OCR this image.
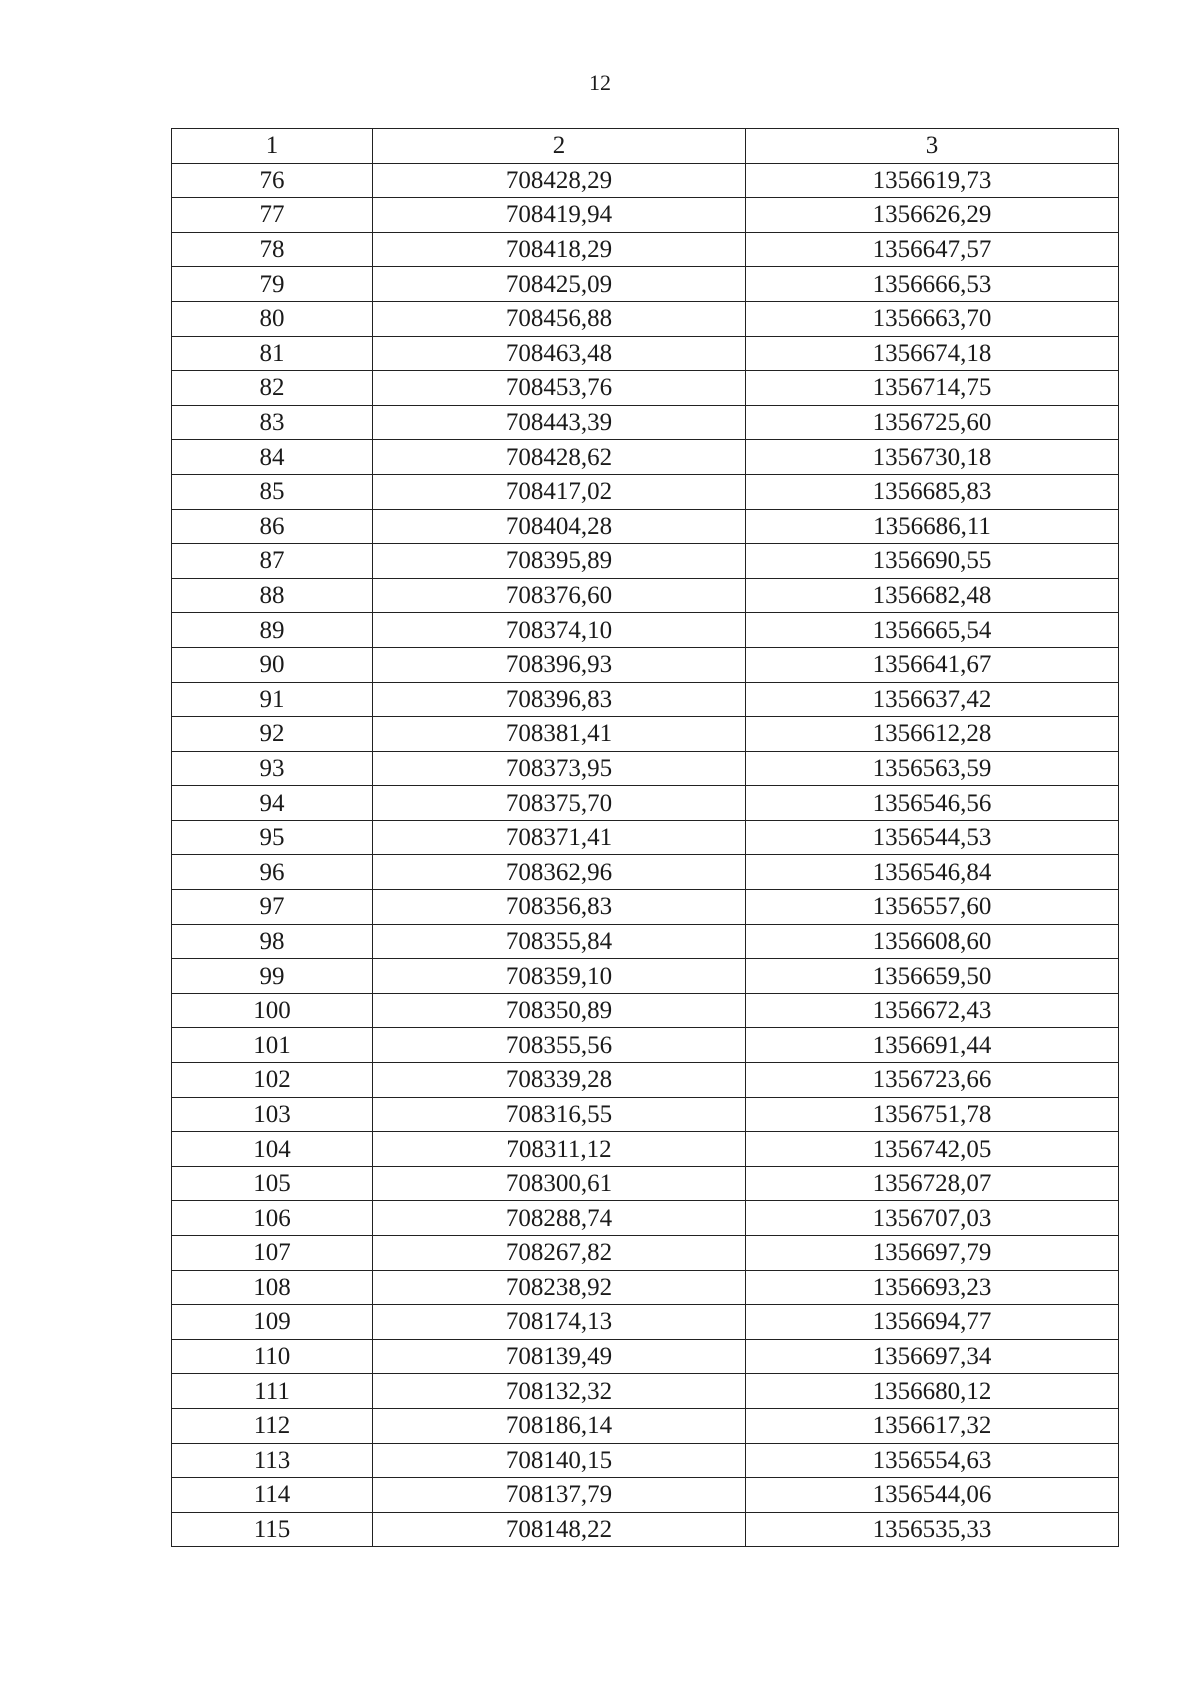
12
1	2	3
76	708428,29	1356619,73
77	708419,94	1356626,29
78	708418,29	1356647,57
79	708425,09	1356666,53
80	708456,88	1356663,70
81	708463,48	1356674,18
82	708453,76	1356714,75
83	708443,39	1356725,60
84	708428,62	1356730,18
85	708417,02	1356685,83
86	708404,28	1356686,11
87	708395,89	1356690,55
88	708376,60	1356682,48
89	708374,10	1356665,54
90	708396,93	1356641,67
91	708396,83	1356637,42
92	708381,41	1356612,28
93	708373,95	1356563,59
94	708375,70	1356546,56
95	708371,41	1356544,53
96	708362,96	1356546,84
97	708356,83	1356557,60
98	708355,84	1356608,60
99	708359,10	1356659,50
100	708350,89	1356672,43
101	708355,56	1356691,44
102	708339,28	1356723,66
103	708316,55	1356751,78
104	708311,12	1356742,05
105	708300,61	1356728,07
106	708288,74	1356707,03
107	708267,82	1356697,79
108	708238,92	1356693,23
109	708174,13	1356694,77
110	708139,49	1356697,34
111	708132,32	1356680,12
112	708186,14	1356617,32
113	708140,15	1356554,63
114	708137,79	1356544,06
115	708148,22	1356535,33
